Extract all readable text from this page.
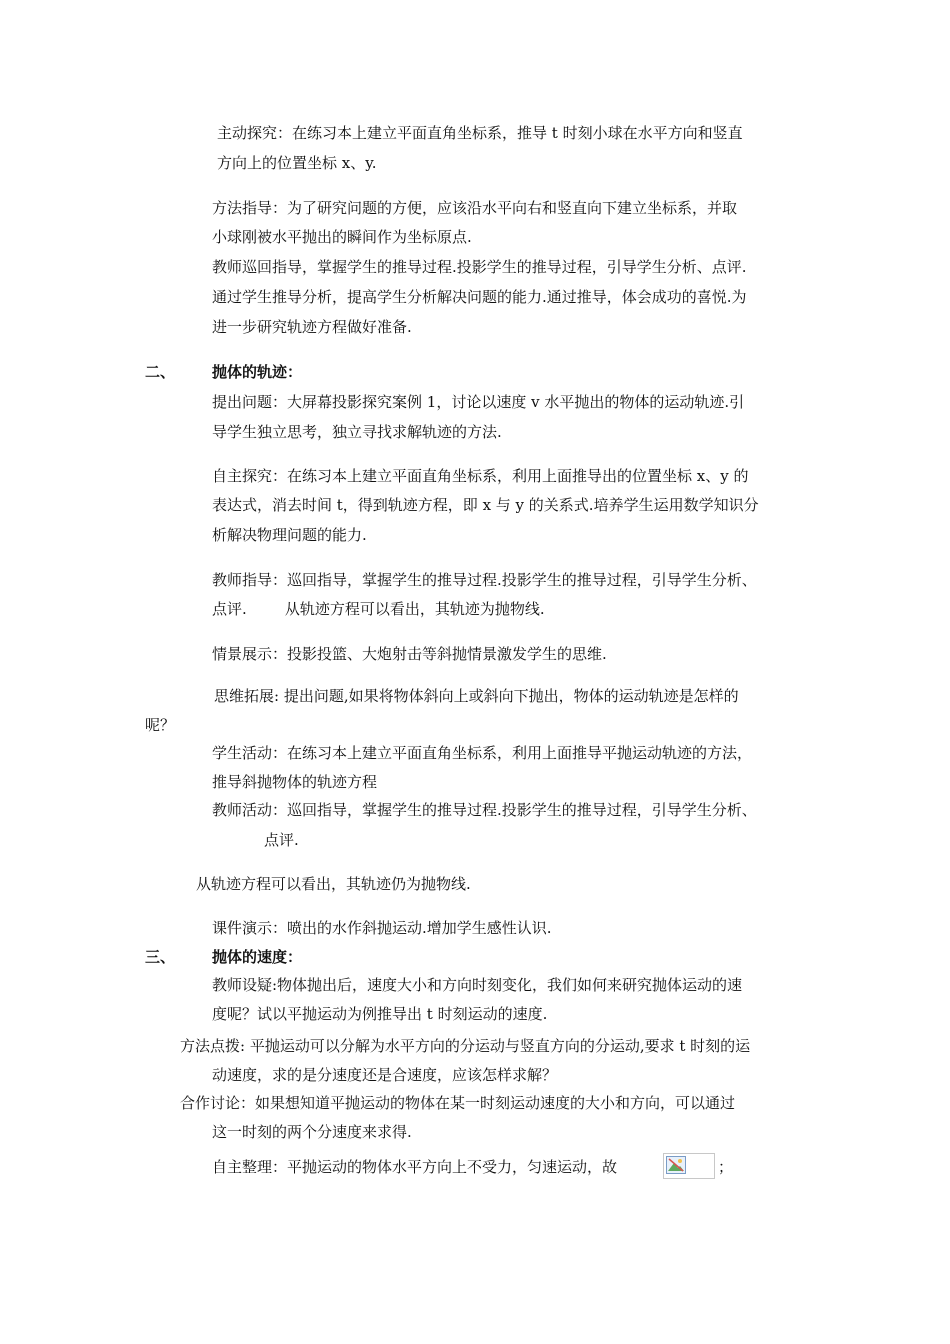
主动探究：在练习本上建立平面直角坐标系，推导 t 时刻小球在水平方向和竖直
方向上的位置坐标 x、y.
方法指导：为了研究问题的方便，应该沿水平向右和竖直向下建立坐标系，并取
小球刚被水平抛出的瞬间作为坐标原点.
教师巡回指导，掌握学生的推导过程.投影学生的推导过程，引导学生分析、点评.
通过学生推导分析，提高学生分析解决问题的能力.通过推导，体会成功的喜悦.为
进一步研究轨迹方程做好准备.
二、 抛体的轨迹：
提出问题：大屏幕投影探究案例 1，讨论以速度 v 水平抛出的物体的运动轨迹.引
导学生独立思考，独立寻找求解轨迹的方法.
自主探究：在练习本上建立平面直角坐标系，利用上面推导出的位置坐标 x、y 的
表达式，消去时间 t，得到轨迹方程，即 x 与 y 的关系式.培养学生运用数学知识分
析解决物理问题的能力.
教师指导：巡回指导，掌握学生的推导过程.投影学生的推导过程，引导学生分析、
点评.        从轨迹方程可以看出，其轨迹为抛物线.
情景展示：投影投篮、大炮射击等斜抛情景激发学生的思维.
思维拓展: 提出问题,如果将物体斜向上或斜向下抛出，物体的运动轨迹是怎样的
呢？
学生活动：在练习本上建立平面直角坐标系，利用上面推导平抛运动轨迹的方法，
推导斜抛物体的轨迹方程
教师活动：巡回指导，掌握学生的推导过程.投影学生的推导过程，引导学生分析、
点评.
从轨迹方程可以看出，其轨迹仍为抛物线.
课件演示：喷出的水作斜抛运动.增加学生感性认识.
三、 抛体的速度：
教师设疑:物体抛出后，速度大小和方向时刻变化，我们如何来研究抛体运动的速
度呢？试以平抛运动为例推导出 t 时刻运动的速度.
方法点拨: 平抛运动可以分解为水平方向的分运动与竖直方向的分运动,要求 t 时刻的运
动速度，求的是分速度还是合速度，应该怎样求解？
合作讨论：如果想知道平抛运动的物体在某一时刻运动速度的大小和方向，可以通过
这一时刻的两个分速度来求得.
自主整理：平抛运动的物体水平方向上不受力，匀速运动，故	；
